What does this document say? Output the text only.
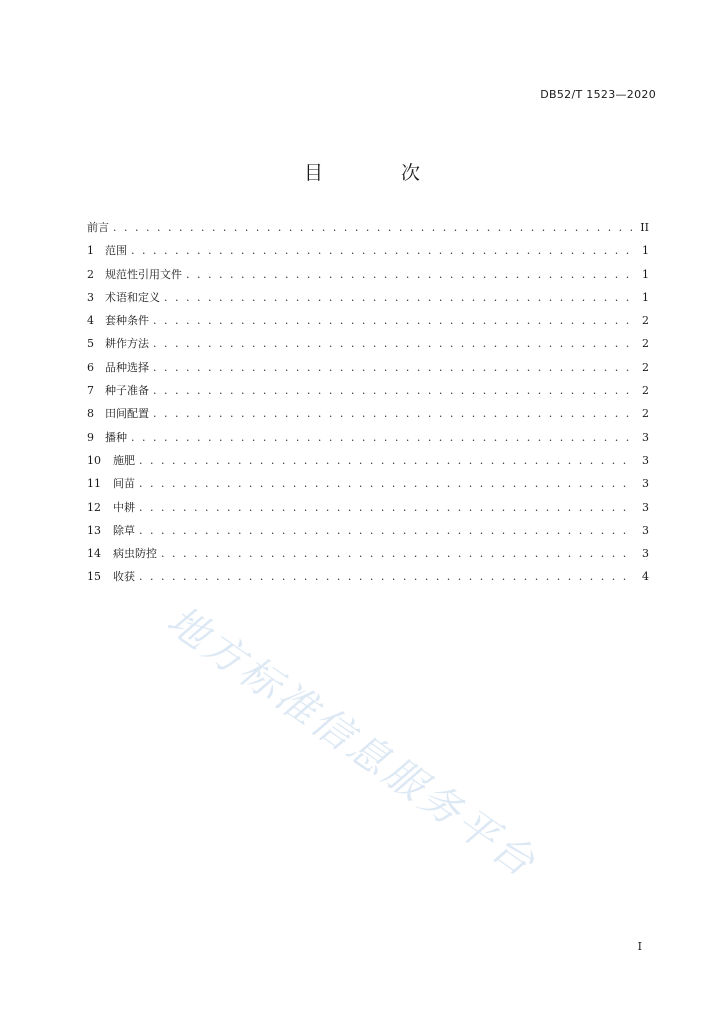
DB52/T 1523—2020
目 次
前言 . . .	II
1	范围 . . .	1
2	规范性引用文件 . . .	1
3	术语和定义 . . .	1
4	套种条件 . . .	2
5	耕作方法 . . .	2
6	品种选择 . . .	2
7	种子准备 . . .	2
8	田间配置 . . .	2
9	播种 . . .	3
10	施肥 . . .	3
11	间苗 . . .	3
12	中耕 . . .	3
13	除草 . . .	3
14	病虫防控 . . .	3
15	收获 . . .	4
地方标准信息服务平台
I
